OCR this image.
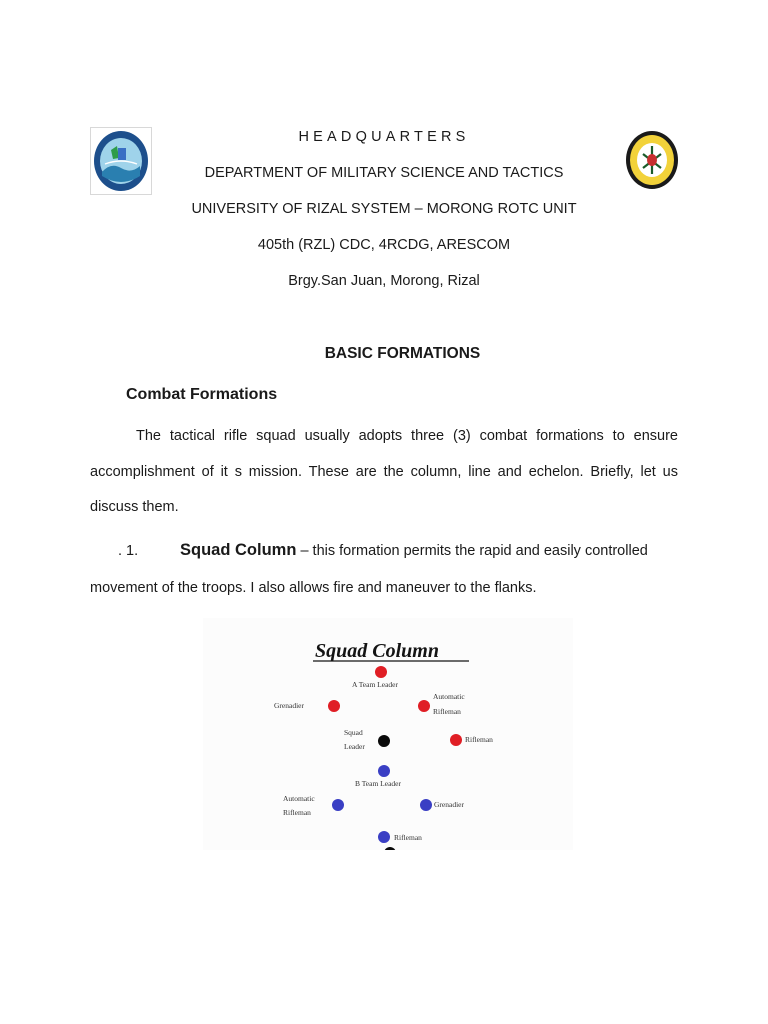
HEADQUARTERS
DEPARTMENT OF MILITARY SCIENCE AND TACTICS
UNIVERSITY OF RIZAL SYSTEM – MORONG ROTC UNIT
405th (RZL) CDC, 4RCDG, ARESCOM
Brgy.San Juan, Morong, Rizal
BASIC FORMATIONS
Combat Formations

The tactical rifle squad usually adopts three (3) combat formations to ensure accomplishment of it s mission. These are the column, line and echelon. Briefly, let us discuss them.

. 1.	Squad Column – this formation permits the rapid and easily controlled movement of the troops. I also allows fire and maneuver to the flanks.

Squad Column
A Team Leader
Grenadier
Automatic
Rifleman
Squad
Leader
Rifleman
B Team Leader
Automatic
Rifleman
Grenadier
Rifleman
